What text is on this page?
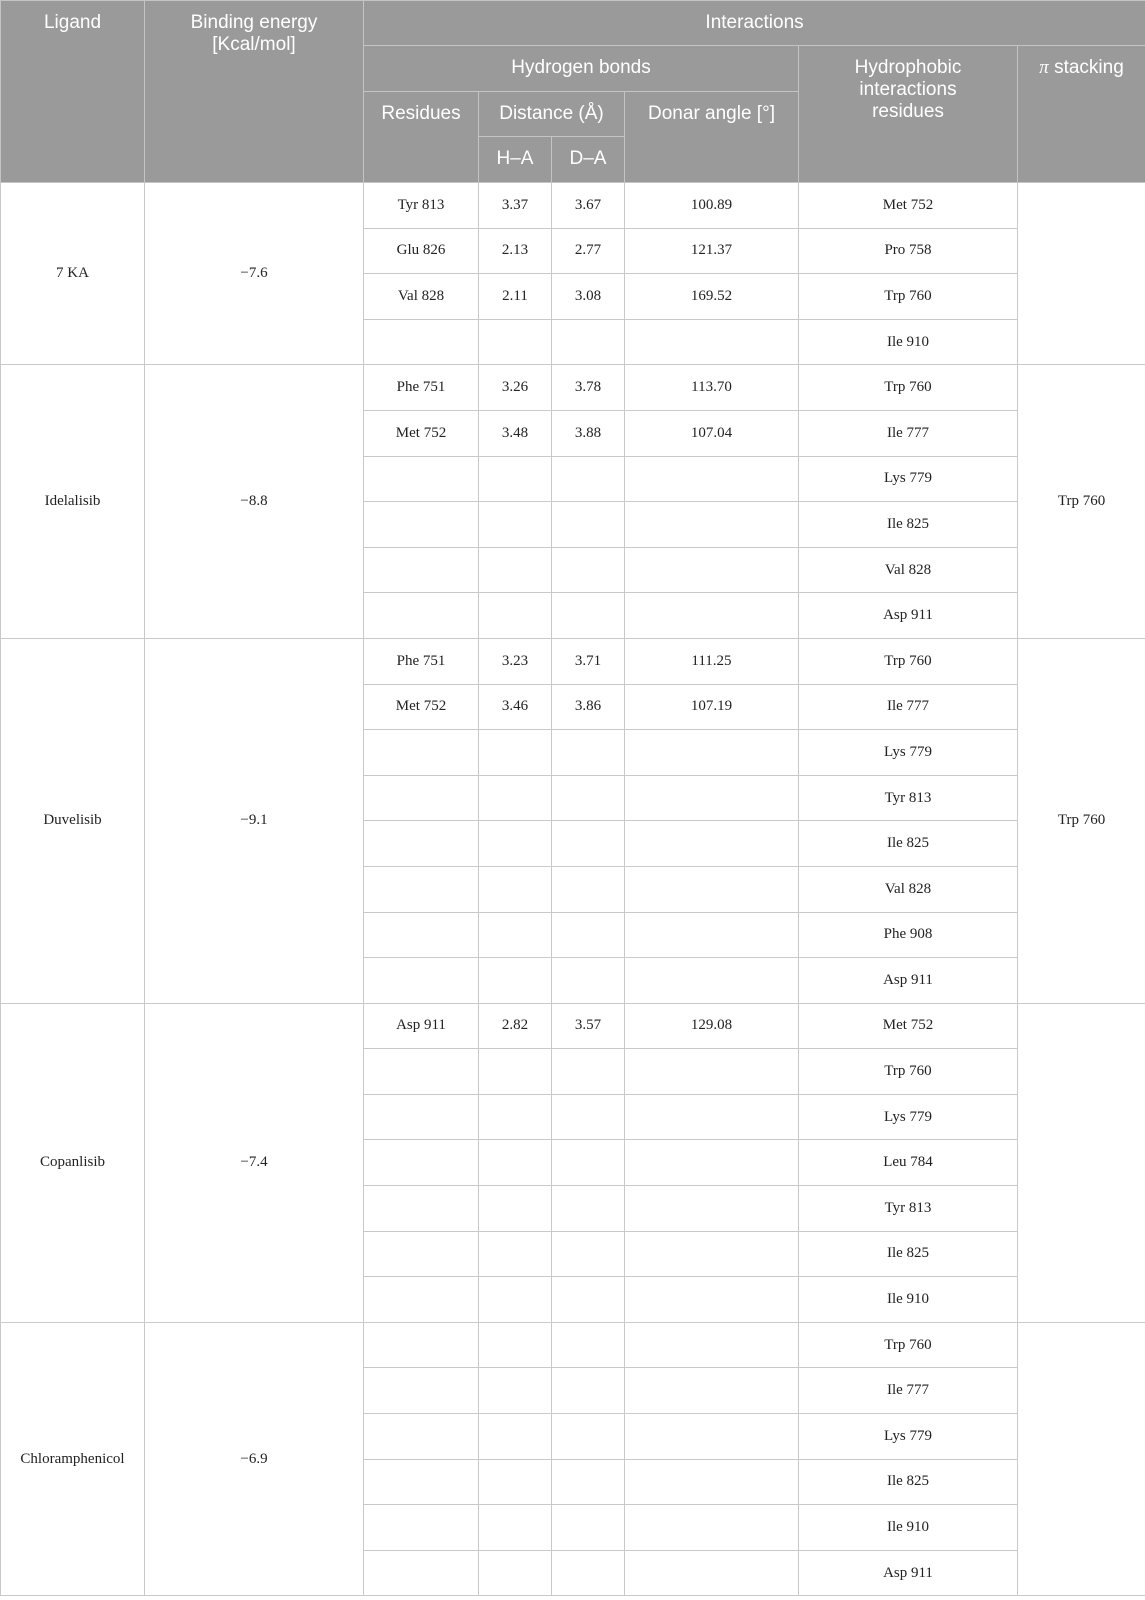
Ligand	Binding energy [Kcal/mol]	Interactions					
		Hydrogen bonds				Hydrophobic interactions residues	π stacking
		Residues	Distance (Å)		Donar angle [°]		
			H–A	D–A			
7 KA	−7.6	Tyr 813	3.37	3.67	100.89	Met 752	
		Glu 826	2.13	2.77	121.37	Pro 758	
		Val 828	2.11	3.08	169.52	Trp 760	
						Ile 910	
Idelalisib	−8.8	Phe 751	3.26	3.78	113.70	Trp 760	Trp 760
		Met 752	3.48	3.88	107.04	Ile 777	
						Lys 779	
						Ile 825	
						Val 828	
						Asp 911	
Duvelisib	−9.1	Phe 751	3.23	3.71	111.25	Trp 760	Trp 760
		Met 752	3.46	3.86	107.19	Ile 777	
						Lys 779	
						Tyr 813	
						Ile 825	
						Val 828	
						Phe 908	
						Asp 911	
Copanlisib	−7.4	Asp 911	2.82	3.57	129.08	Met 752	
						Trp 760	
						Lys 779	
						Leu 784	
						Tyr 813	
						Ile 825	
						Ile 910	
Chloramphenicol	−6.9					Trp 760	
						Ile 777	
						Lys 779	
						Ile 825	
						Ile 910	
						Asp 911	
